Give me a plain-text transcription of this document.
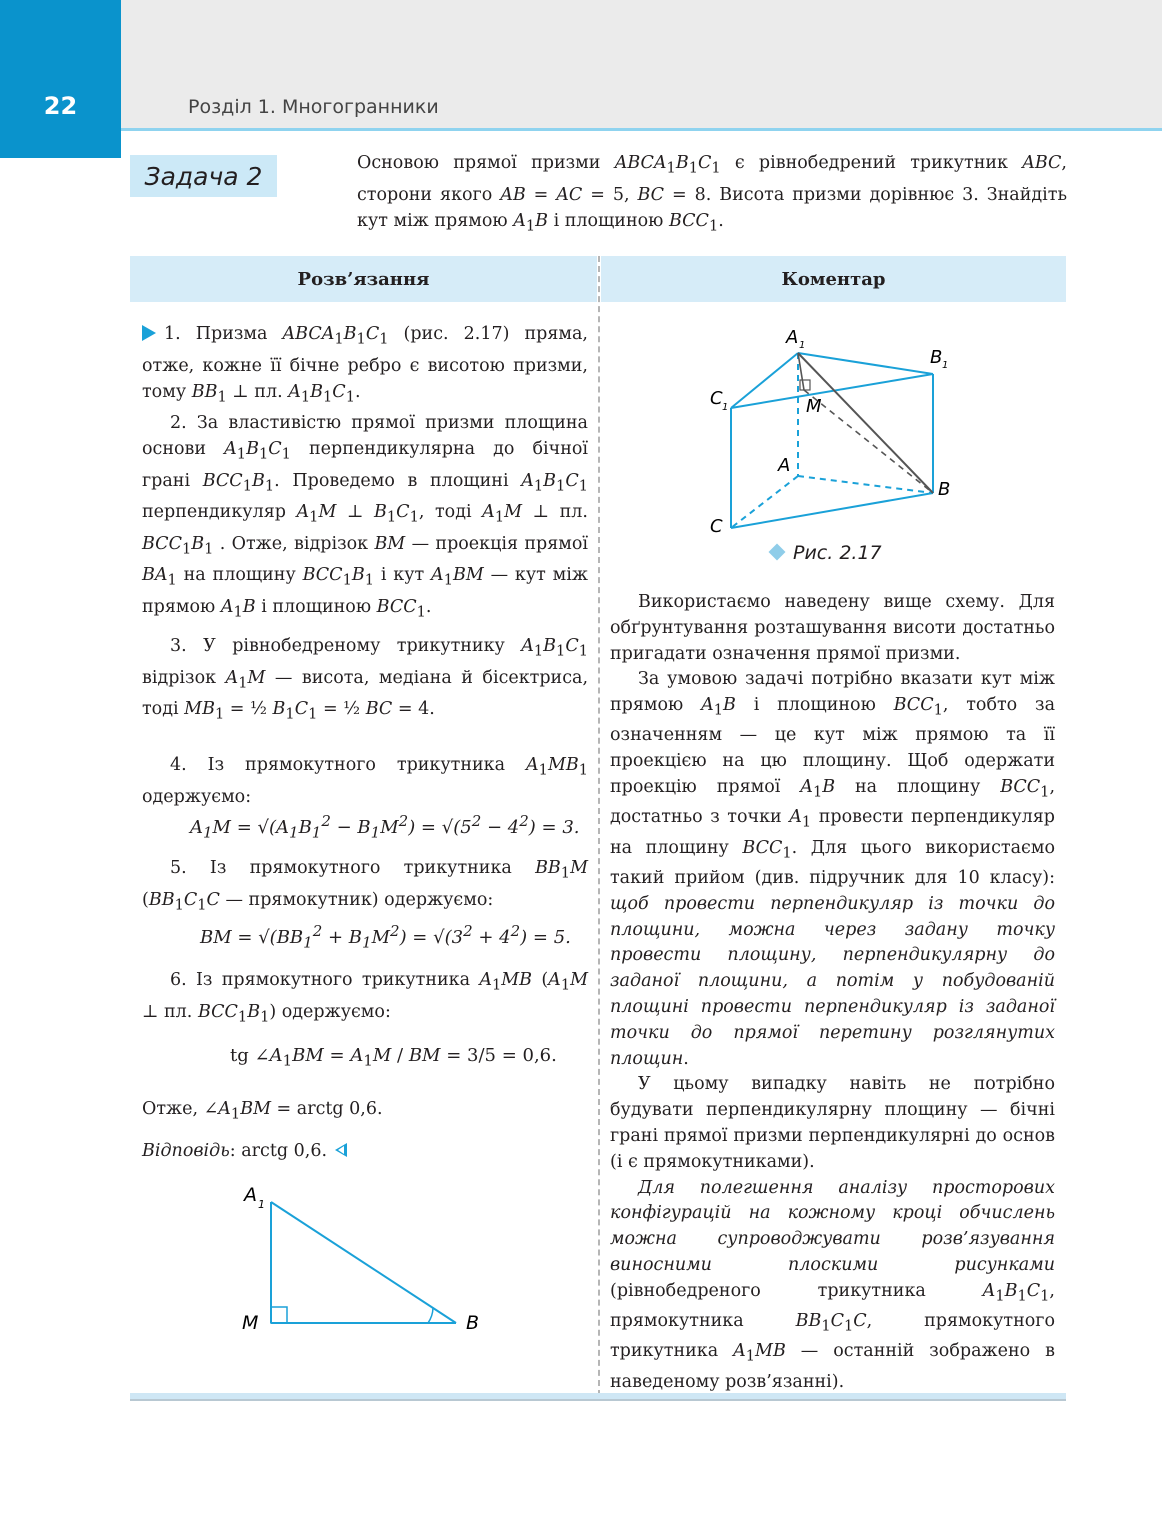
22	Розділ 1. Многогранники
Задача 2	Основою прямої призми $ABCA_1B_1C_1$ є рівнобедрений трикутник ABC, сторони якого AB = AC = 5, BC = 8. Висота призми дорівнює 3. Знайдіть кут між прямою $A_1B$ і площиною $BCC_1$.
Розв’язання	Коментар

1. Призма $ABCA_1B_1C_1$ (рис. 2.17) пряма, отже, кожне її бічне ребро є висотою призми, тому $BB_1$ ⊥ пл. $A_1B_1C_1$.

2. За властивістю прямої призми площина основи $A_1B_1C_1$ перпендикулярна до бічної грані $BCC_1B_1$. Проведемо в площині $A_1B_1C_1$ перпендикуляр $A_1M$ ⊥ $B_1C_1$, тоді $A_1M$ ⊥ пл. $BCC_1B_1$ . Отже, відрізок BM — проекція прямої $BA_1$ на площину $BCC_1B_1$ і кут $A_1BM$ — кут між прямою $A_1B$ і площиною $BCC_1$.

3. У рівнобедреному трикутнику $A_1B_1C_1$ відрізок $A_1M$ — висота, медіана й бісектриса, тоді $MB_1$ = ½ $B_1C_1$ = ½ BC = 4.

4. Із прямокутного трикутника $A_1MB_1$ одержуємо:

$A_1M = √(A_1B_1^2 - B_1M^2) = √(5^2 - 4^2) = 3$.

5. Із прямокутного трикутника $BB_1M$ ($BB_1C_1C$ — прямокутник) одержуємо:

BM = $√(BB_1^2 + B_1M^2) = √(3^2 + 4^2) = 5$.

6. Із прямокутного трикутника $A_1MB$ ($A_1M$ ⊥ пл. $BCC_1B_1$) одержуємо:

tg $\angle A_1BM = A_1M$ / BM = 3/5 = 0,6.

Отже, $\angle A_1BM$ = arctg 0,6.

Відповідь: arctg 0,6.

A 1
M	B
A 1
B 1
C 1	M
A
B
C
Рис. 2.17

Використаємо наведену вище схему. Для обґрунтування розташування висоти достатньо пригадати означення прямої призми.

За умовою задачі потрібно вказати кут між прямою $A_1B$ і площиною $BCC_1$, тобто за означенням — це кут між прямою та її проекцією на цю площину. Щоб одержати проекцію прямої $A_1B$ на площину $BCC_1$, достатньо з точки $A_1$ провести перпендикуляр на площину $BCC_1$. Для цього використаємо такий прийом (див. підручник для 10 класу): щоб провести перпендикуляр із точки до площини, можна через задану точку провести площину, перпендикулярну до заданої площини, а потім у побудованій площині провести перпендикуляр із заданої точки до прямої перетину розглянутих площин.

У цьому випадку навіть не потрібно будувати перпендикулярну площину — бічні грані прямої призми перпендикулярні до основ (і є прямокутниками).

Для полегшення аналізу просторових конфігурацій на кожному кроці обчислень можна супроводжувати розв’язування виносними плоскими рисунками (рівнобедреного трикутника $A_1B_1C_1$, прямокутника $BB_1C_1C$, прямокутного трикутника $A_1MB$ — останній зображено в наведеному розв’язанні).
